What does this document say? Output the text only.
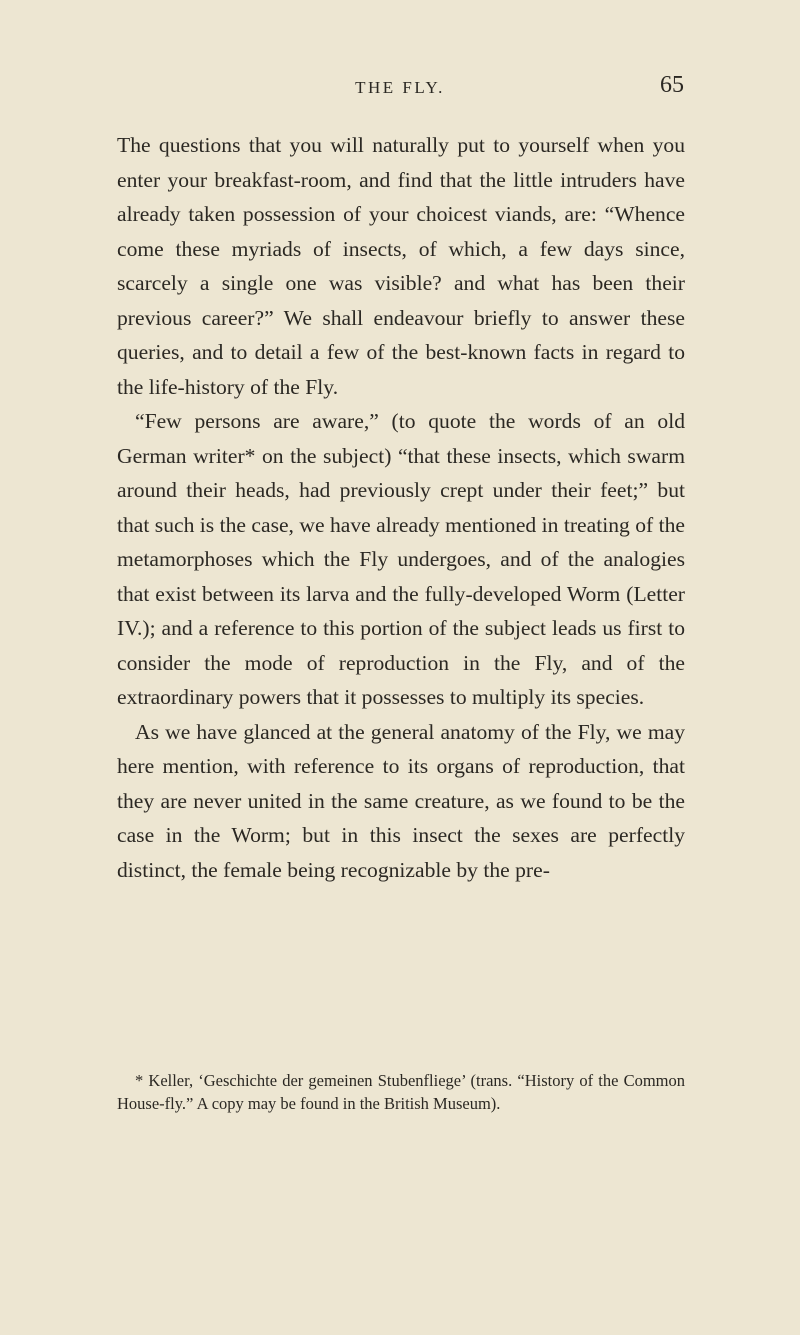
THE FLY.	65

The questions that you will naturally put to yourself when you enter your breakfast-room, and find that the little intruders have already taken possession of your choicest viands, are: “Whence come these myriads of insects, of which, a few days since, scarcely a single one was visible? and what has been their previous career?” We shall endeavour briefly to answer these queries, and to detail a few of the best-known facts in regard to the life-history of the Fly.

“Few persons are aware,” (to quote the words of an old German writer* on the subject) “that these insects, which swarm around their heads, had previously crept under their feet;” but that such is the case, we have already mentioned in treating of the metamorphoses which the Fly undergoes, and of the analogies that exist between its larva and the fully-developed Worm (Letter IV.); and a reference to this portion of the subject leads us first to consider the mode of reproduction in the Fly, and of the extraordinary powers that it possesses to multiply its species.

As we have glanced at the general anatomy of the Fly, we may here mention, with reference to its organs of reproduction, that they are never united in the same creature, as we found to be the case in the Worm; but in this insect the sexes are perfectly distinct, the female being recognizable by the pre-

* Keller, ‘Geschichte der gemeinen Stubenfliege’ (trans. “History of the Common House-fly.” A copy may be found in the British Museum).
